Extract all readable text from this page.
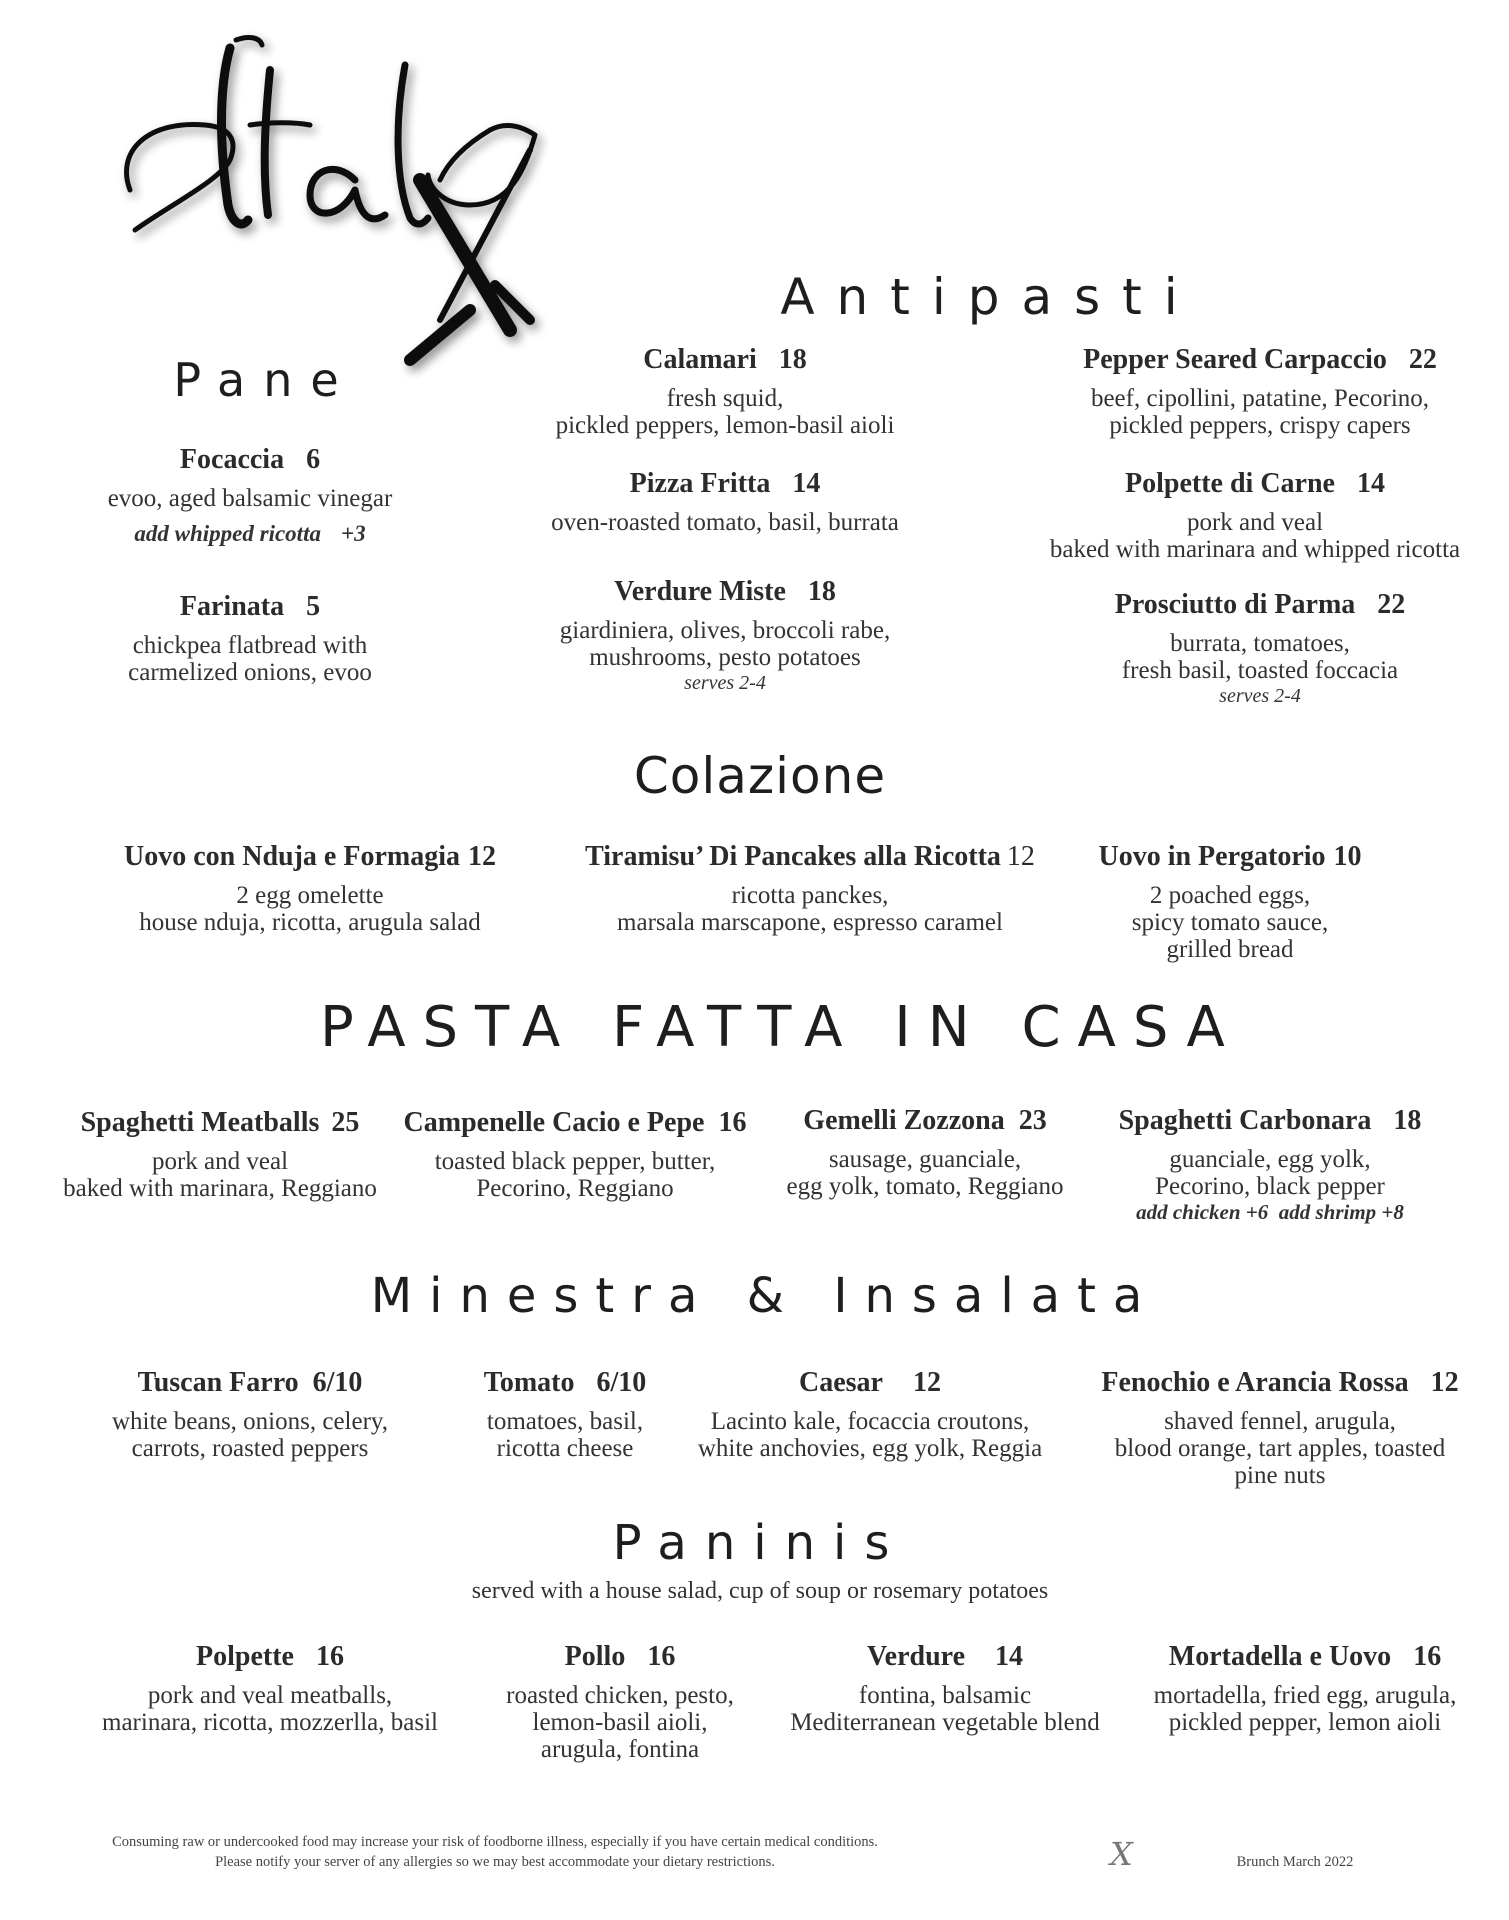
Antipasti
Pane
Colazione
PASTA FATTA IN CASA
Minestra & Insalata
Paninis
Focaccia 6
evoo, aged balsamic vinegar
add whipped ricotta +3
Farinata 5
chickpea flatbread with
carmelized onions, evoo
Calamari 18
fresh squid,
pickled peppers, lemon-basil aioli
Pizza Fritta 14
oven-roasted tomato, basil, burrata
Verdure Miste 18
giardiniera, olives, broccoli rabe,
mushrooms, pesto potatoes
serves 2-4
Pepper Seared Carpaccio 22
beef, cipollini, patatine, Pecorino,
pickled peppers, crispy capers
Polpette di Carne 14
pork and veal
baked with marinara and whipped ricotta
Prosciutto di Parma 22
burrata, tomatoes,
fresh basil, toasted foccacia
serves 2-4
Uovo con Nduja e Formagia 12
2 egg omelette
house nduja, ricotta, arugula salad
Tiramisu’ Di Pancakes alla Ricotta 12
ricotta panckes,
marsala marscapone, espresso caramel
Uovo in Pergatorio 10
2 poached eggs,
spicy tomato sauce,
grilled bread
Spaghetti Meatballs 25
pork and veal
baked with marinara, Reggiano
Campenelle Cacio e Pepe 16
toasted black pepper, butter,
Pecorino, Reggiano
Gemelli Zozzona 23
sausage, guanciale,
egg yolk, tomato, Reggiano
Spaghetti Carbonara 18
guanciale, egg yolk,
Pecorino, black pepper
add chicken +6  add shrimp +8
Tuscan Farro 6/10
white beans, onions, celery,
carrots, roasted peppers
Tomato 6/10
tomatoes, basil,
ricotta cheese
Caesar 12
Lacinto kale, focaccia croutons,
white anchovies, egg yolk, Reggia
Fenochio e Arancia Rossa 12
shaved fennel, arugula,
blood orange, tart apples, toasted
pine nuts
served with a house salad, cup of soup or rosemary potatoes
Polpette 16
pork and veal meatballs,
marinara, ricotta, mozzerlla, basil
Pollo 16
roasted chicken, pesto,
lemon-basil aioli,
arugula, fontina
Verdure 14
fontina, balsamic
Mediterranean vegetable blend
Mortadella e Uovo 16
mortadella, fried egg, arugula,
pickled pepper, lemon aioli
Consuming raw or undercooked food may increase your risk of foodborne illness, especially if you have certain medical conditions.
Please notify your server of any allergies so we may best accommodate your dietary restrictions.	X	Brunch March 2022
